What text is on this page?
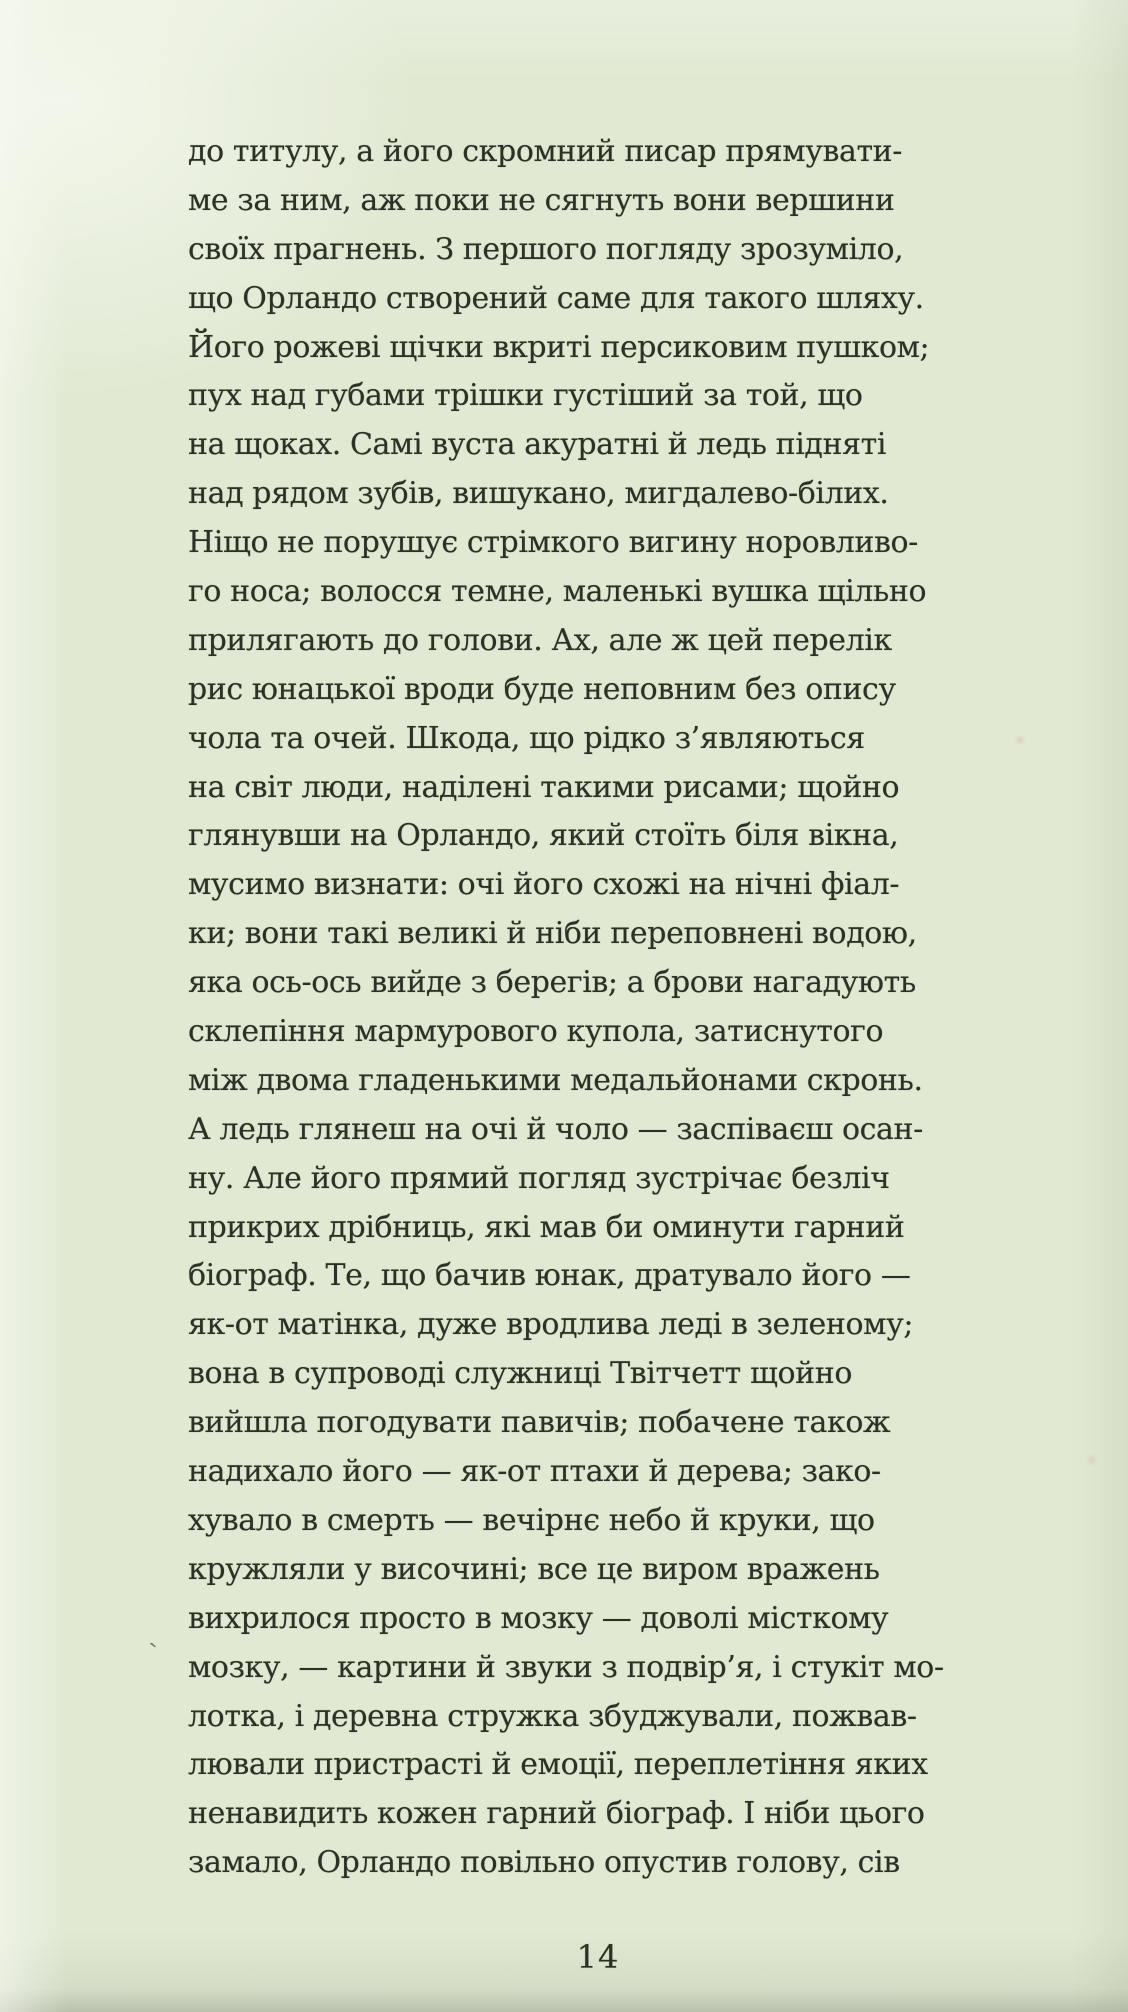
до титулу, а його скромний писар прямувати-
ме за ним, аж поки не сягнуть вони вершини
своїх прагнень. З першого погляду зрозуміло,
що Орландо створений саме для такого шляху.
Його рожеві щічки вкриті персиковим пушком;
пух над губами трішки густіший за той, що
на щоках. Самі вуста акуратні й ледь підняті
над рядом зубів, вишукано, мигдалево-білих.
Ніщо не порушує стрімкого вигину норовливо-
го носа; волосся темне, маленькі вушка щільно
прилягають до голови. Ах, але ж цей перелік
рис юнацької вроди буде неповним без опису
чола та очей. Шкода, що рідко з’являються
на світ люди, наділені такими рисами; щойно
глянувши на Орландо, який стоїть біля вікна,
мусимо визнати: очі його схожі на нічні фіал-
ки; вони такі великі й ніби переповнені водою,
яка ось-ось вийде з берегів; а брови нагадують
склепіння мармурового купола, затиснутого
між двома гладенькими медальйонами скронь.
А ледь глянеш на очі й чоло — заспіваєш осан-
ну. Але його прямий погляд зустрічає безліч
прикрих дрібниць, які мав би оминути гарний
біограф. Те, що бачив юнак, дратувало його —
як-от матінка, дуже вродлива леді в зеленому;
вона в супроводі служниці Твітчетт щойно
вийшла погодувати павичів; побачене також
надихало його — як-от птахи й дерева; зако-
хувало в смерть — вечірнє небо й круки, що
кружляли у височині; все це виром вражень
вихрилося просто в мозку — доволі місткому
мозку, — картини й звуки з подвір’я, і стукіт мо-
лотка, і деревна стружка збуджували, пожвав-
лювали пристрасті й емоції, переплетіння яких
ненавидить кожен гарний біограф. І ніби цього
замало, Орландо повільно опустив голову, сів
`
14
